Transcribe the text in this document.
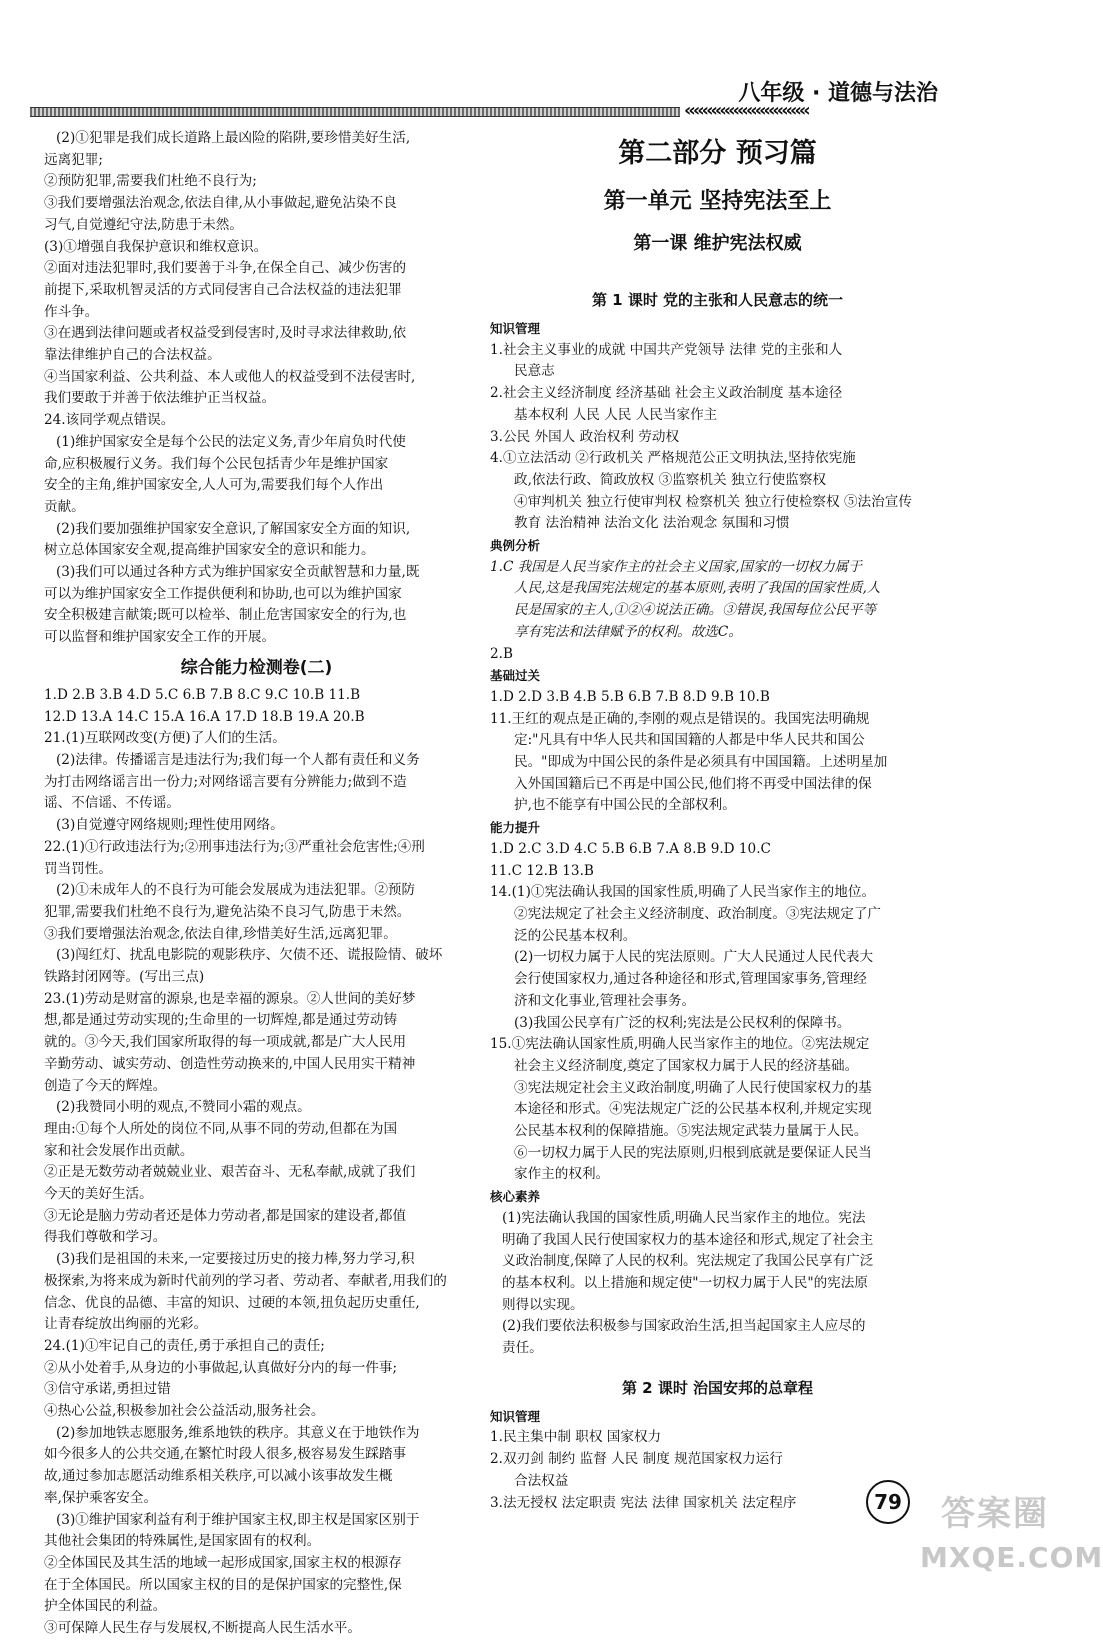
八年级 · 道德与法治
‹‹‹‹‹‹‹‹‹‹‹‹‹‹‹‹‹‹‹‹‹‹‹‹‹‹‹‹
(2)①犯罪是我们成长道路上最凶险的陷阱,要珍惜美好生活,
远离犯罪;
②预防犯罪,需要我们杜绝不良行为;
③我们要增强法治观念,依法自律,从小事做起,避免沾染不良
习气,自觉遵纪守法,防患于未然。
(3)①增强自我保护意识和维权意识。
②面对违法犯罪时,我们要善于斗争,在保全自己、减少伤害的
前提下,采取机智灵活的方式同侵害自己合法权益的违法犯罪
作斗争。
③在遇到法律问题或者权益受到侵害时,及时寻求法律救助,依
靠法律维护自己的合法权益。
④当国家利益、公共利益、本人或他人的权益受到不法侵害时,
我们要敢于并善于依法维护正当权益。
24.该同学观点错误。
(1)维护国家安全是每个公民的法定义务,青少年肩负时代使
命,应积极履行义务。我们每个公民包括青少年是维护国家
安全的主角,维护国家安全,人人可为,需要我们每个人作出
贡献。
(2)我们要加强维护国家安全意识,了解国家安全方面的知识,
树立总体国家安全观,提高维护国家安全的意识和能力。
(3)我们可以通过各种方式为维护国家安全贡献智慧和力量,既
可以为维护国家安全工作提供便利和协助,也可以为维护国家
安全积极建言献策;既可以检举、制止危害国家安全的行为,也
可以监督和维护国家安全工作的开展。
综合能力检测卷(二)
1.D 2.B 3.B 4.D 5.C 6.B 7.B 8.C 9.C 10.B 11.B
12.D 13.A 14.C 15.A 16.A 17.D 18.B 19.A 20.B
21.(1)互联网改变(方便)了人们的生活。
(2)法律。传播谣言是违法行为;我们每一个人都有责任和义务
为打击网络谣言出一份力;对网络谣言要有分辨能力;做到不造
谣、不信谣、不传谣。
(3)自觉遵守网络规则;理性使用网络。
22.(1)①行政违法行为;②刑事违法行为;③严重社会危害性;④刑
罚当罚性。
(2)①未成年人的不良行为可能会发展成为违法犯罪。②预防
犯罪,需要我们杜绝不良行为,避免沾染不良习气,防患于未然。
③我们要增强法治观念,依法自律,珍惜美好生活,远离犯罪。
(3)闯红灯、扰乱电影院的观影秩序、欠债不还、谎报险情、破坏
铁路封闭网等。(写出三点)
23.(1)劳动是财富的源泉,也是幸福的源泉。②人世间的美好梦
想,都是通过劳动实现的;生命里的一切辉煌,都是通过劳动铸
就的。③今天,我们国家所取得的每一项成就,都是广大人民用
辛勤劳动、诚实劳动、创造性劳动换来的,中国人民用实干精神
创造了今天的辉煌。
(2)我赞同小明的观点,不赞同小霜的观点。
理由:①每个人所处的岗位不同,从事不同的劳动,但都在为国
家和社会发展作出贡献。
②正是无数劳动者兢兢业业、艰苦奋斗、无私奉献,成就了我们
今天的美好生活。
③无论是脑力劳动者还是体力劳动者,都是国家的建设者,都值
得我们尊敬和学习。
(3)我们是祖国的未来,一定要接过历史的接力棒,努力学习,积
极探索,为将来成为新时代前列的学习者、劳动者、奉献者,用我们的
信念、优良的品德、丰富的知识、过硬的本领,扭负起历史重任,
让青春绽放出绚丽的光彩。
24.(1)①牢记自己的责任,勇于承担自己的责任;
②从小处着手,从身边的小事做起,认真做好分内的每一件事;
③信守承诺,勇担过错
④热心公益,积极参加社会公益活动,服务社会。
(2)参加地铁志愿服务,维系地铁的秩序。其意义在于地铁作为
如今很多人的公共交通,在繁忙时段人很多,极容易发生踩踏事
故,通过参加志愿活动维系相关秩序,可以减小该事故发生概
率,保护乘客安全。
(3)①维护国家利益有利于维护国家主权,即主权是国家区别于
其他社会集团的特殊属性,是国家固有的权利。
②全体国民及其生活的地域一起形成国家,国家主权的根源存
在于全体国民。所以国家主权的目的是保护国家的完整性,保
护全体国民的利益。
③可保障人民生存与发展权,不断提高人民生活水平。
第二部分 预习篇
第一单元 坚持宪法至上
第一课 维护宪法权威
第 1 课时 党的主张和人民意志的统一
知识管理
1.社会主义事业的成就 中国共产党领导 法律 党的主张和人
民意志
2.社会主义经济制度 经济基础 社会主义政治制度 基本途径
基本权利 人民 人民 人民当家作主
3.公民 外国人 政治权利 劳动权
4.①立法活动 ②行政机关 严格规范公正文明执法,坚持依宪施
政,依法行政、简政放权 ③监察机关 独立行使监察权
④审判机关 独立行使审判权 检察机关 独立行使检察权 ⑤法治宣传
教育 法治精神 法治文化 法治观念 氛围和习惯
典例分析
1.C 我国是人民当家作主的社会主义国家,国家的一切权力属于
人民,这是我国宪法规定的基本原则,表明了我国的国家性质,人
民是国家的主人,①②④说法正确。③错误,我国每位公民平等
享有宪法和法律赋予的权利。故选C。
2.B
基础过关
1.D 2.D 3.B 4.B 5.B 6.B 7.B 8.D 9.B 10.B
11.王红的观点是正确的,李刚的观点是错误的。我国宪法明确规
定:"凡具有中华人民共和国国籍的人都是中华人民共和国公
民。"即成为中国公民的条件是必须具有中国国籍。上述明星加
入外国国籍后已不再是中国公民,他们将不再受中国法律的保
护,也不能享有中国公民的全部权利。
能力提升
1.D 2.C 3.D 4.C 5.B 6.B 7.A 8.B 9.D 10.C
11.C 12.B 13.B
14.(1)①宪法确认我国的国家性质,明确了人民当家作主的地位。
②宪法规定了社会主义经济制度、政治制度。③宪法规定了广
泛的公民基本权利。
(2)一切权力属于人民的宪法原则。广大人民通过人民代表大
会行使国家权力,通过各种途径和形式,管理国家事务,管理经
济和文化事业,管理社会事务。
(3)我国公民享有广泛的权利;宪法是公民权利的保障书。
15.①宪法确认国家性质,明确人民当家作主的地位。②宪法规定
社会主义经济制度,奠定了国家权力属于人民的经济基础。
③宪法规定社会主义政治制度,明确了人民行使国家权力的基
本途径和形式。④宪法规定广泛的公民基本权利,并规定实现
公民基本权利的保障措施。⑤宪法规定武装力量属于人民。
⑥一切权力属于人民的宪法原则,归根到底就是要保证人民当
家作主的权利。
核心素养
(1)宪法确认我国的国家性质,明确人民当家作主的地位。宪法
明确了我国人民行使国家权力的基本途径和形式,规定了社会主
义政治制度,保障了人民的权利。宪法规定了我国公民享有广泛
的基本权利。以上措施和规定使"一切权力属于人民"的宪法原
则得以实现。
(2)我们要依法积极参与国家政治生活,担当起国家主人应尽的
责任。
第 2 课时 治国安邦的总章程
知识管理
1.民主集中制 职权 国家权力
2.双刃剑 制约 监督 人民 制度 规范国家权力运行
合法权益
3.法无授权 法定职责 宪法 法律 国家机关 法定程序	79	答案圈
MXQE.COM
